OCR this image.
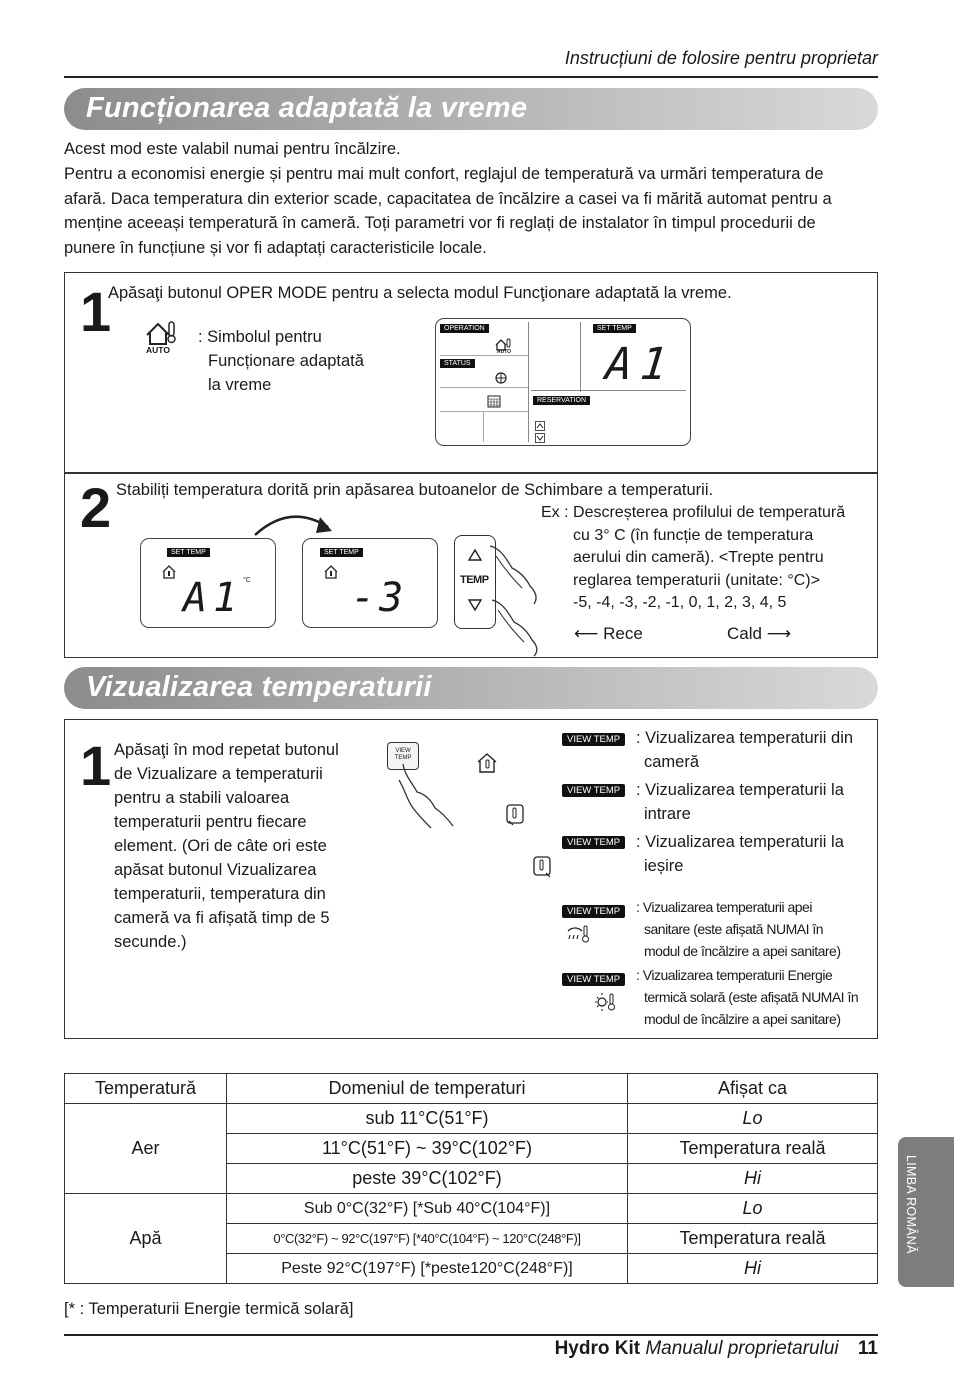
Instrucțiuni de folosire pentru proprietar
Funcționarea adaptată la vreme
Acest mod este valabil numai pentru încălzire.
Pentru a economisi energie și pentru mai mult confort, reglajul de temperatură va urmări temperatura de
afară. Daca temperatura din exterior scade, capacitatea de încălzire a casei va fi mărită automat pentru a
menține aceeași temperatură în cameră. Toți parametri vor fi reglați de instalator în timpul procedurii de
punere în funcțiune și vor fi adaptați caracteristicile locale.
1
Apăsaţi butonul OPER MODE pentru a selecta modul Funcţionare adaptată la vreme.
AUTO
: Simbolul pentru
Funcționare adaptată
la vreme
OPERATION
STATUS
SET TEMP
RESERVATION
AUTO A1
2 Stabiliți temperatura dorită prin apăsarea butoanelor de Schimbare a temperaturii.
SET TEMP
A1 °C
SET TEMP
-3	TEMP
Ex : Descreșterea profilului de temperatură
cu 3° C (în funcție de temperatura
aerului din cameră). <Trepte pentru
reglarea temperaturii (unitate: °C)>
-5, -4, -3, -2, -1, 0, 1, 2, 3, 4, 5
⟵ Rece	Cald ⟶
Vizualizarea temperaturii
1 Apăsaţi în mod repetat butonul
de Vizualizare a temperaturii
pentru a stabili valoarea
temperaturii pentru fiecare
element. (Ori de câte ori este
apăsat butonul Vizualizarea
temperaturii, temperatura din
cameră va fi afișată timp de 5
secunde.)
VIEW
TEMP
VIEW TEMP : Vizualizarea temperaturii din
cameră
VIEW TEMP : Vizualizarea temperaturii la
intrare
VIEW TEMP : Vizualizarea temperaturii la
ieșire
VIEW TEMP	: Vizualizarea temperaturii apei
sanitare (este afișată NUMAI în
modul de încălzire a apei sanitare)
VIEW TEMP	: Vizualizarea temperaturii Energie
termică solară (este afișată NUMAI în
modul de încălzire a apei sanitare)
Temperatură	Domeniul de temperaturi	Afișat ca
Aer	sub 11°C(51°F)	Lo
	11°C(51°F) ~ 39°C(102°F)	Temperatura reală
	peste 39°C(102°F)	Hi
Apă	Sub 0°C(32°F) [*Sub 40°C(104°F)]	Lo
	0°C(32°F) ~ 92°C(197°F) [*40°C(104°F) ~ 120°C(248°F)]	Temperatura reală
	Peste 92°C(197°F) [*peste120°C(248°F)]	Hi
[* : Temperaturii Energie termică solară]
LIMBA ROMÂNĂ
Hydro Kit Manualul proprietarului 11
